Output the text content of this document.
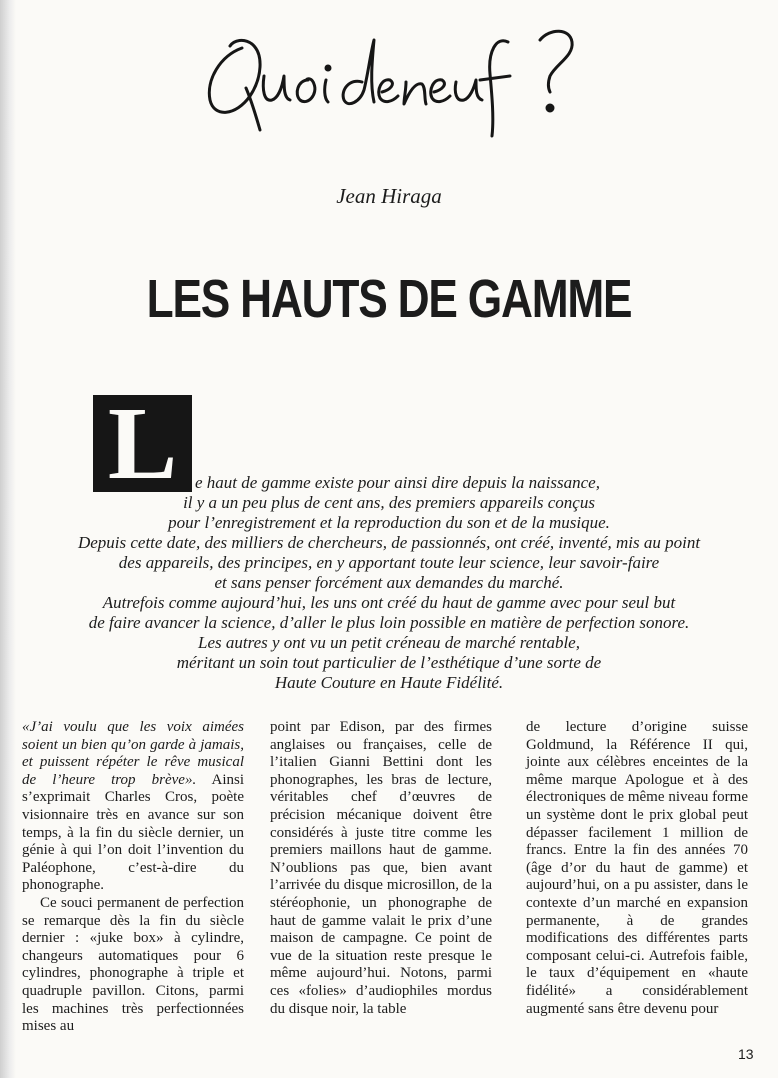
Quoi de neuf ?
Jean Hiraga
LES HAUTS DE GAMME
L	e haut de gamme existe pour ainsi dire depuis la naissance,
il y a un peu plus de cent ans, des premiers appareils conçus
pour l’enregistrement et la reproduction du son et de la musique.
Depuis cette date, des milliers de chercheurs, de passionnés, ont créé, inventé, mis au point
des appareils, des principes, en y apportant toute leur science, leur savoir-faire
et sans penser forcément aux demandes du marché.
Autrefois comme aujourd’hui, les uns ont créé du haut de gamme avec pour seul but
de faire avancer la science, d’aller le plus loin possible en matière de perfection sonore.
Les autres y ont vu un petit créneau de marché rentable,
méritant un soin tout particulier de l’esthétique d’une sorte de
Haute Couture en Haute Fidélité.

«J’ai voulu que les voix aimées soient un bien qu’on garde à jamais, et puissent répéter le rêve musical de l’heure trop brève». Ainsi s’exprimait Charles Cros, poète visionnaire très en avance sur son temps, à la fin du siècle dernier, un génie à qui l’on doit l’invention du Paléophone, c’est-à-dire du phonographe.

Ce souci permanent de perfection se remarque dès la fin du siècle dernier : «juke box» à cylindre, changeurs automatiques pour 6 cylindres, phonographe à triple et quadruple pavillon. Citons, parmi les machines très perfectionnées mises au

point par Edison, par des firmes anglaises ou françaises, celle de l’italien Gianni Bettini dont les phonographes, les bras de lecture, véritables chef d’œuvres de précision mécanique doivent être considérés à juste titre comme les premiers maillons haut de gamme. N’oublions pas que, bien avant l’arrivée du disque microsillon, de la stéréophonie, un phonographe de haut de gamme valait le prix d’une maison de campagne. Ce point de vue de la situation reste presque le même aujourd’hui. Notons, parmi ces «folies» d’audiophiles mordus du disque noir, la table

de lecture d’origine suisse Goldmund, la Référence II qui, jointe aux célèbres enceintes de la même marque Apologue et à des électroniques de même niveau forme un système dont le prix global peut dépasser facilement 1 million de francs. Entre la fin des années 70 (âge d’or du haut de gamme) et aujourd’hui, on a pu assister, dans le contexte d’un marché en expansion permanente, à de grandes modifications des différentes parts composant celui-ci. Autrefois faible, le taux d’équipement en «haute fidélité» a considérablement augmenté sans être devenu pour

13
